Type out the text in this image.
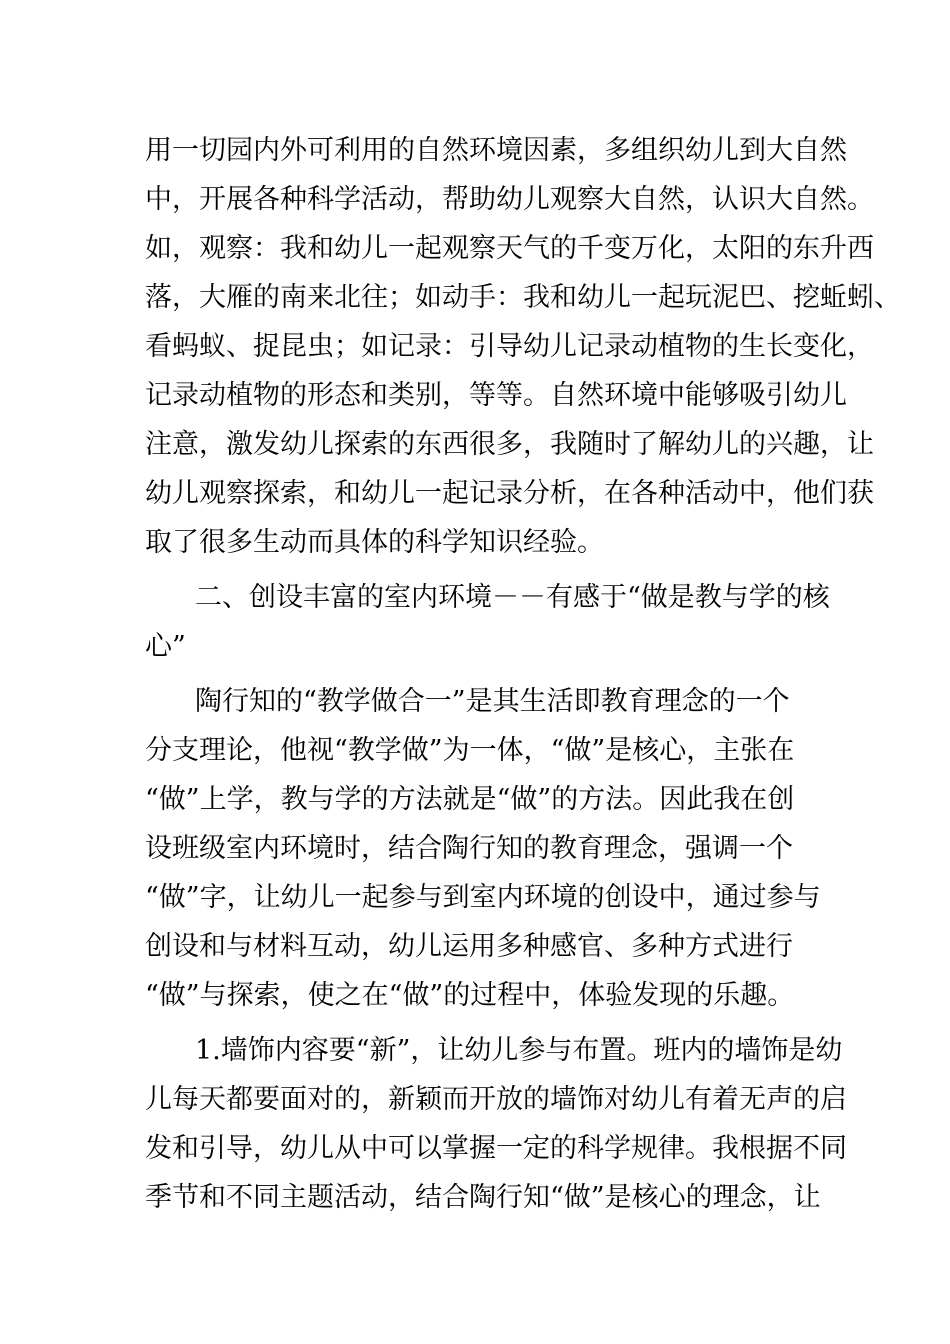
用一切园内外可利用的自然环境因素，多组织幼儿到大自然
中，开展各种科学活动，帮助幼儿观察大自然，认识大自然。
如，观察：我和幼儿一起观察天气的千变万化，太阳的东升西
落，大雁的南来北往；如动手：我和幼儿一起玩泥巴、挖蚯蚓、
看蚂蚁、捉昆虫；如记录：引导幼儿记录动植物的生长变化，
记录动植物的形态和类别，等等。自然环境中能够吸引幼儿
注意，激发幼儿探索的东西很多，我随时了解幼儿的兴趣，让
幼儿观察探索，和幼儿一起记录分析，在各种活动中，他们获
取了很多生动而具体的科学知识经验。
二、创设丰富的室内环境－－有感于“做是教与学的核
心”
陶行知的“教学做合一”是其生活即教育理念的一个
分支理论，他视“教学做”为一体，“做”是核心，主张在
“做”上学，教与学的方法就是“做”的方法。因此我在创
设班级室内环境时，结合陶行知的教育理念，强调一个
“做”字，让幼儿一起参与到室内环境的创设中，通过参与
创设和与材料互动，幼儿运用多种感官、多种方式进行
“做”与探索，使之在“做”的过程中，体验发现的乐趣。
1.墙饰内容要“新”，让幼儿参与布置。班内的墙饰是幼
儿每天都要面对的，新颖而开放的墙饰对幼儿有着无声的启
发和引导，幼儿从中可以掌握一定的科学规律。我根据不同
季节和不同主题活动，结合陶行知“做”是核心的理念，让
